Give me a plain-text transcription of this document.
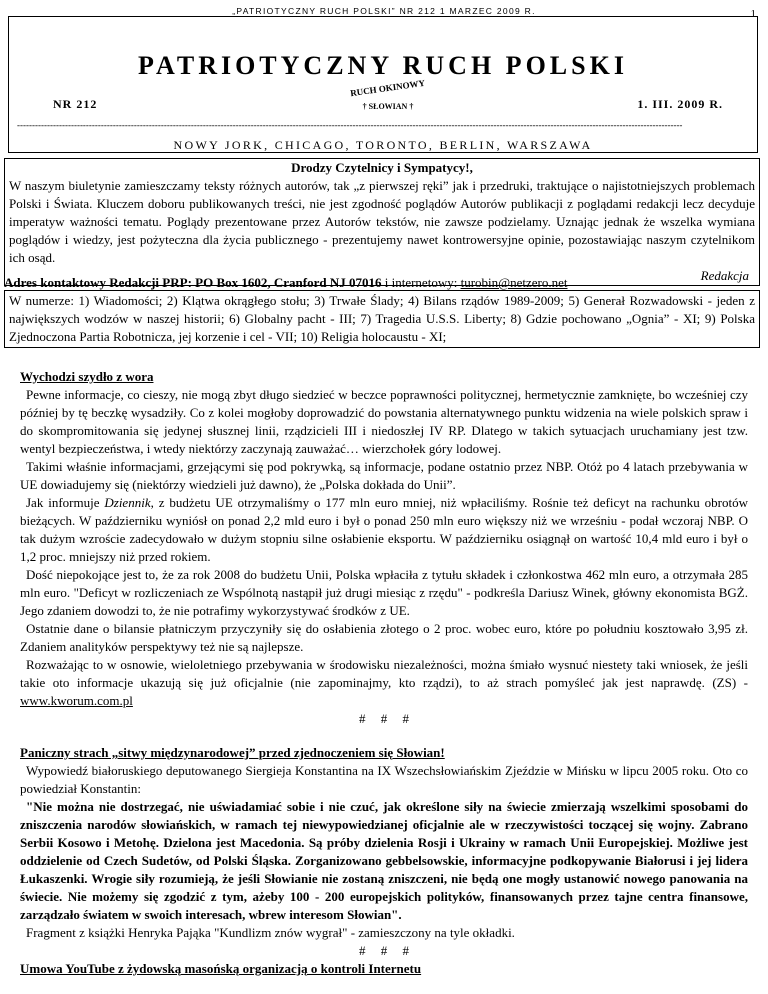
„PATRIOTYCZNY RUCH POLSKI” NR 212 1 MARZEC 2009 R.	1
PATRIOTYCZNY RUCH POLSKI
NR 212
RUCH OKINOWY
† SŁOWIAN †	1. III. 2009 R.
------------------------------------------------------------------------------------------------------------------------------------------------------------------------------------------------------------------------------
NOWY JORK, CHICAGO, TORONTO, BERLIN, WARSZAWA
Drodzy Czytelnicy i Sympatycy!,

W naszym biuletynie zamieszczamy teksty różnych autorów, tak „z pierwszej ręki” jak i przedruki, traktujące o najistotniejszych problemach Polski i Świata. Kluczem doboru publikowanych treści, nie jest zgodność poglądów Autorów publikacji z poglądami redakcji lecz decyduje imperatyw ważności tematu. Poglądy prezentowane przez Autorów tekstów, nie zawsze podzielamy. Uznając jednak że wszelka wymiana poglądów i wiedzy, jest pożyteczna dla życia publicznego - prezentujemy nawet kontrowersyjne opinie, pozostawiając naszym czytelnikom ich osąd.

Redakcja
Adres kontaktowy Redakcji PRP: PO Box 1602, Cranford NJ 07016 i internetowy: turobin@netzero.net
W numerze: 1) Wiadomości; 2) Klątwa okrągłego stołu; 3) Trwałe Ślady; 4) Bilans rządów 1989-2009; 5) Generał Rozwadowski - jeden z największych wodzów w naszej historii; 6) Globalny pacht - III; 7) Tragedia U.S.S. Liberty; 8) Gdzie pochowano „Ognia” - XI; 9) Polska Zjednoczona Partia Robotnicza, jej korzenie i cel - VII; 10) Religia holocaustu - XI;
Wychodzi szydło z wora

Pewne informacje, co cieszy, nie mogą zbyt długo siedzieć w beczce poprawności politycznej, hermetycznie zamknięte, bo wcześniej czy później by tę beczkę wysadziły. Co z kolei mogłoby doprowadzić do powstania alternatywnego punktu widzenia na wiele polskich spraw i do skompromitowania się jedynej słusznej linii, rządzicieli III i niedoszłej IV RP. Dlatego w takich sytuacjach uruchamiany jest tzw. wentyl bezpieczeństwa, i wtedy niektórzy zaczynają zauważać… wierzchołek góry lodowej.

Takimi właśnie informacjami, grzejącymi się pod pokrywką, są informacje, podane ostatnio przez NBP. Otóż po 4 latach przebywania w UE dowiadujemy się (niektórzy wiedzieli już dawno), że „Polska dokłada do Unii”.

Jak informuje Dziennik, z budżetu UE otrzymaliśmy o 177 mln euro mniej, niż wpłaciliśmy. Rośnie też deficyt na rachunku obrotów bieżących. W październiku wyniósł on ponad 2,2 mld euro i był o ponad 250 mln euro większy niż we wrześniu - podał wczoraj NBP. O tak dużym wzroście zadecydowało w dużym stopniu silne osłabienie eksportu. W październiku osiągnął on wartość 10,4 mld euro i był o 1,2 proc. mniejszy niż przed rokiem.

Dość niepokojące jest to, że za rok 2008 do budżetu Unii, Polska wpłaciła z tytułu składek i członkostwa 462 mln euro, a otrzymała 285 mln euro. "Deficyt w rozliczeniach ze Wspólnotą nastąpił już drugi miesiąc z rzędu" - podkreśla Dariusz Winek, główny ekonomista BGŻ. Jego zdaniem dowodzi to, że nie potrafimy wykorzystywać środków z UE.

Ostatnie dane o bilansie płatniczym przyczyniły się do osłabienia złotego o 2 proc. wobec euro, które po południu kosztowało 3,95 zł. Zdaniem analityków perspektywy też nie są najlepsze.

Rozważając to w osnowie, wieloletniego przebywania w środowisku niezależności, można śmiało wysnuć niestety taki wniosek, że jeśli takie oto informacje ukazują się już oficjalnie (nie zapominajmy, kto rządzi), to aż strach pomyśleć jak jest naprawdę. (ZS) - www.kworum.com.pl

# # #
Paniczny strach „sitwy międzynarodowej” przed zjednoczeniem się Słowian!

Wypowiedź białoruskiego deputowanego Siergieja Konstantina na IX Wszechsłowiańskim Zjeździe w Mińsku w lipcu 2005 roku. Oto co powiedział Konstantin:

"Nie można nie dostrzegać, nie uświadamiać sobie i nie czuć, jak określone siły na świecie zmierzają wszelkimi sposobami do zniszczenia narodów słowiańskich, w ramach tej niewypowiedzianej oficjalnie ale w rzeczywistości toczącej się wojny. Zabrano Serbii Kosowo i Metohę. Dzielona jest Macedonia. Są próby dzielenia Rosji i Ukrainy w ramach Unii Europejskiej. Możliwe jest oddzielenie od Czech Sudetów, od Polski Śląska. Zorganizowano gebbelsowskie, informacyjne podkopywanie Białorusi i jej lidera Łukaszenki. Wrogie siły rozumieją, że jeśli Słowianie nie zostaną zniszczeni, nie będą one mogły ustanowić nowego panowania na świecie. Nie możemy się zgodzić z tym, ażeby 100 - 200 europejskich polityków, finansowanych przez tajne centra finansowe, zarządzało światem w swoich interesach, wbrew interesom Słowian".

Fragment z książki Henryka Pająka "Kundlizm znów wygrał" - zamieszczony na tyle okładki.

# # #
Umowa YouTube z żydowską masońską organizacją o kontroli Internetu
